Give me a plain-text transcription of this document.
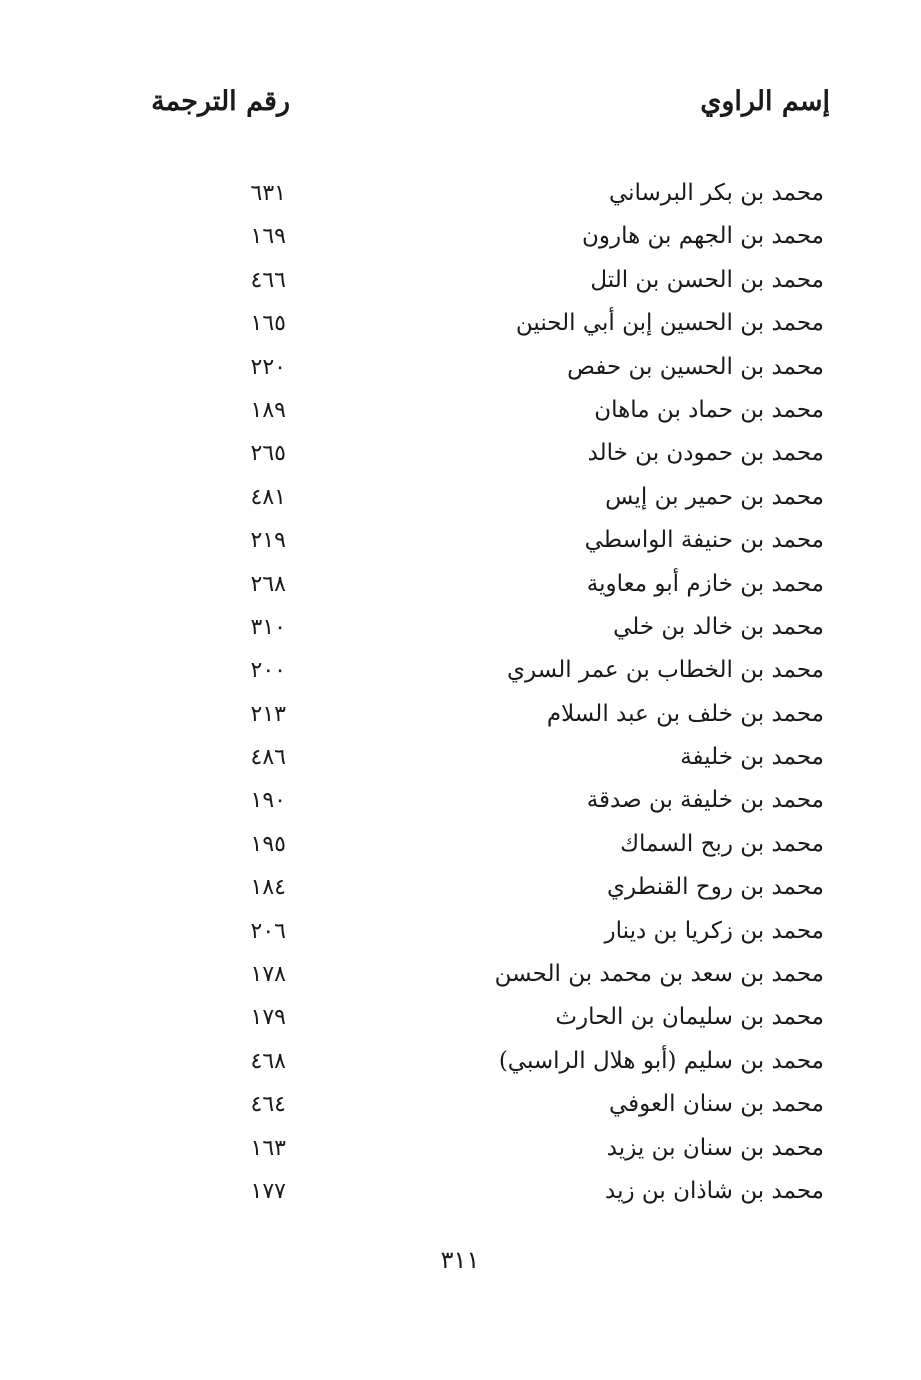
إسم الراوي
رقم الترجمة
محمد بن بكر البرساني
٦٣١
محمد بن الجهم بن هارون
١٦٩
محمد بن الحسن بن التل
٤٦٦
محمد بن الحسين إبن أبي الحنين
١٦٥
محمد بن الحسين بن حفص
٢٢٠
محمد بن حماد بن ماهان
١٨٩
محمد بن حمودن بن خالد
٢٦٥
محمد بن حمير بن إيس
٤٨١
محمد بن حنيفة الواسطي
٢١٩
محمد بن خازم أبو معاوية
٢٦٨
محمد بن خالد بن خلي
٣١٠
محمد بن الخطاب بن عمر السري
٢٠٠
محمد بن خلف بن عبد السلام
٢١٣
محمد بن خليفة
٤٨٦
محمد بن خليفة بن صدقة
١٩٠
محمد بن ربح السماك
١٩٥
محمد بن روح القنطري
١٨٤
محمد بن زكريا بن دينار
٢٠٦
محمد بن سعد بن محمد بن الحسن
١٧٨
محمد بن سليمان بن الحارث
١٧٩
محمد بن سليم (أبو هلال الراسبي)
٤٦٨
محمد بن سنان العوفي
٤٦٤
محمد بن سنان بن يزيد
١٦٣
محمد بن شاذان بن زيد
١٧٧
٣١١
